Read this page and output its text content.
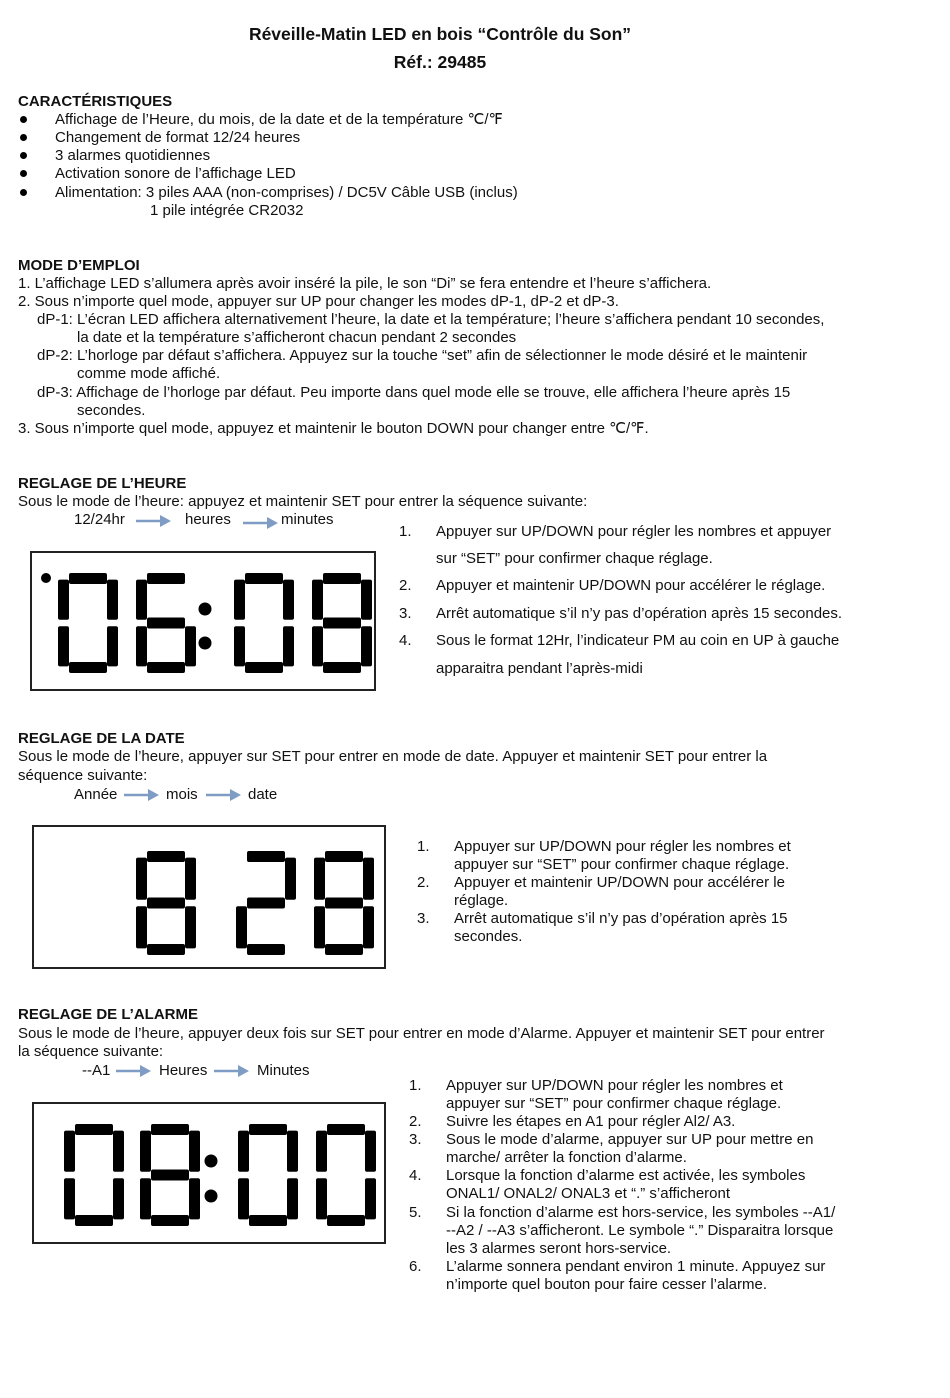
Réveille-Matin LED en bois “Contrôle du Son”
Réf.: 29485
CARACTÉRISTIQUES
Affichage de l’Heure, du mois, de la date et de la température ℃/℉
Changement de format 12/24 heures
3 alarmes quotidiennes
Activation sonore de l’affichage LED
Alimentation: 3 piles AAA (non-comprises) / DC5V Câble USB (inclus)
1 pile intégrée CR2032
MODE D’EMPLOI
1. L’affichage LED s’allumera après avoir inséré la pile, le son “Di” se fera entendre et l’heure s’affichera.
2. Sous n’importe quel mode, appuyer sur UP pour changer les modes dP-1, dP-2 et dP-3.
dP-1: L’écran LED affichera alternativement l’heure, la date et la température; l’heure s’affichera pendant 10 secondes,
la date et la température s’afficheront chacun pendant 2 secondes
dP-2: L’horloge par défaut s’affichera. Appuyez sur la touche “set” afin de sélectionner le mode désiré et le maintenir
comme mode affiché.
dP-3: Affichage de l’horloge par défaut. Peu importe dans quel mode elle se trouve, elle affichera l’heure après 15
secondes.
3. Sous n’importe quel mode, appuyez et maintenir le bouton DOWN pour changer entre ℃/℉.
REGLAGE DE L’HEURE
Sous le mode de l’heure: appuyez et maintenir SET pour entrer la séquence suivante:
12/24hr	heures	minutes
1. Appuyer sur UP/DOWN pour régler les nombres et appuyer
sur “SET” pour confirmer chaque réglage.
2. Appuyer et maintenir UP/DOWN pour accélérer le réglage.
3. Arrêt automatique s’il n’y pas d’opération après 15 secondes.
4. Sous le format 12Hr, l’indicateur PM au coin en UP à gauche
apparaitra pendant l’après-midi
REGLAGE DE LA DATE
Sous le mode de l’heure, appuyer sur SET pour entrer en mode de date. Appuyer et maintenir SET pour entrer la
séquence suivante:
Année	mois	date
1. Appuyer sur UP/DOWN pour régler les nombres et
appuyer sur “SET” pour confirmer chaque réglage.
2. Appuyer et maintenir UP/DOWN pour accélérer le
réglage.
3. Arrêt automatique s’il n’y pas d’opération après 15
secondes.
REGLAGE DE L’ALARME
Sous le mode de l’heure, appuyer deux fois sur SET pour entrer en mode d’Alarme. Appuyer et maintenir SET pour entrer
la séquence suivante:
--A1	Heures	Minutes
1. Appuyer sur UP/DOWN pour régler les nombres et
appuyer sur “SET” pour confirmer chaque réglage.
2. Suivre les étapes en A1 pour régler Al2/ A3.
3. Sous le mode d’alarme, appuyer sur UP pour mettre en
marche/ arrêter la fonction d’alarme.
4. Lorsque la fonction d’alarme est activée, les symboles
ONAL1/ ONAL2/ ONAL3 et “.” s’afficheront
5. Si la fonction d’alarme est hors-service, les symboles --A1/
--A2 / --A3 s’afficheront. Le symbole “.” Disparaitra lorsque
les 3 alarmes seront hors-service.
6. L’alarme sonnera pendant environ 1 minute. Appuyez sur
n’importe quel bouton pour faire cesser l’alarme.
